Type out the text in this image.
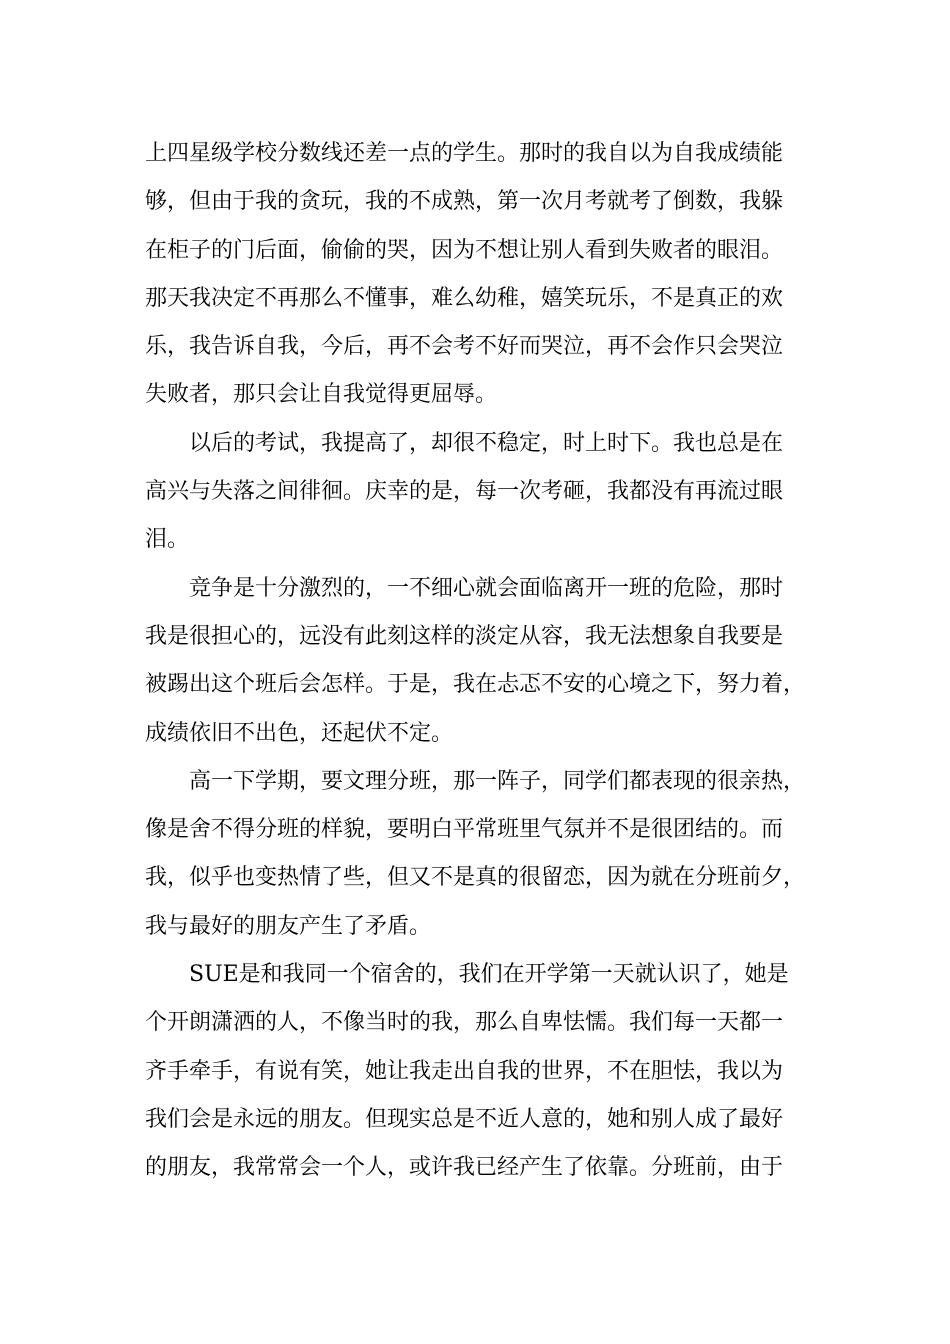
上四星级学校分数线还差一点的学生。那时的我自以为自我成绩能
够，但由于我的贪玩，我的不成熟，第一次月考就考了倒数，我躲
在柜子的门后面，偷偷的哭，因为不想让别人看到失败者的眼泪。
那天我决定不再那么不懂事，难么幼稚，嬉笑玩乐，不是真正的欢
乐，我告诉自我，今后，再不会考不好而哭泣，再不会作只会哭泣
失败者，那只会让自我觉得更屈辱。
以后的考试，我提高了，却很不稳定，时上时下。我也总是在
高兴与失落之间徘徊。庆幸的是，每一次考砸，我都没有再流过眼
泪。
竞争是十分激烈的，一不细心就会面临离开一班的危险，那时
我是很担心的，远没有此刻这样的淡定从容，我无法想象自我要是
被踢出这个班后会怎样。于是，我在忐忑不安的心境之下，努力着，
成绩依旧不出色，还起伏不定。
高一下学期，要文理分班，那一阵子，同学们都表现的很亲热，
像是舍不得分班的样貌，要明白平常班里气氛并不是很团结的。而
我，似乎也变热情了些，但又不是真的很留恋，因为就在分班前夕，
我与最好的朋友产生了矛盾。
SUE是和我同一个宿舍的，我们在开学第一天就认识了，她是
个开朗潇洒的人，不像当时的我，那么自卑怯懦。我们每一天都一
齐手牵手，有说有笑，她让我走出自我的世界，不在胆怯，我以为
我们会是永远的朋友。但现实总是不近人意的，她和别人成了最好
的朋友，我常常会一个人，或许我已经产生了依靠。分班前，由于
